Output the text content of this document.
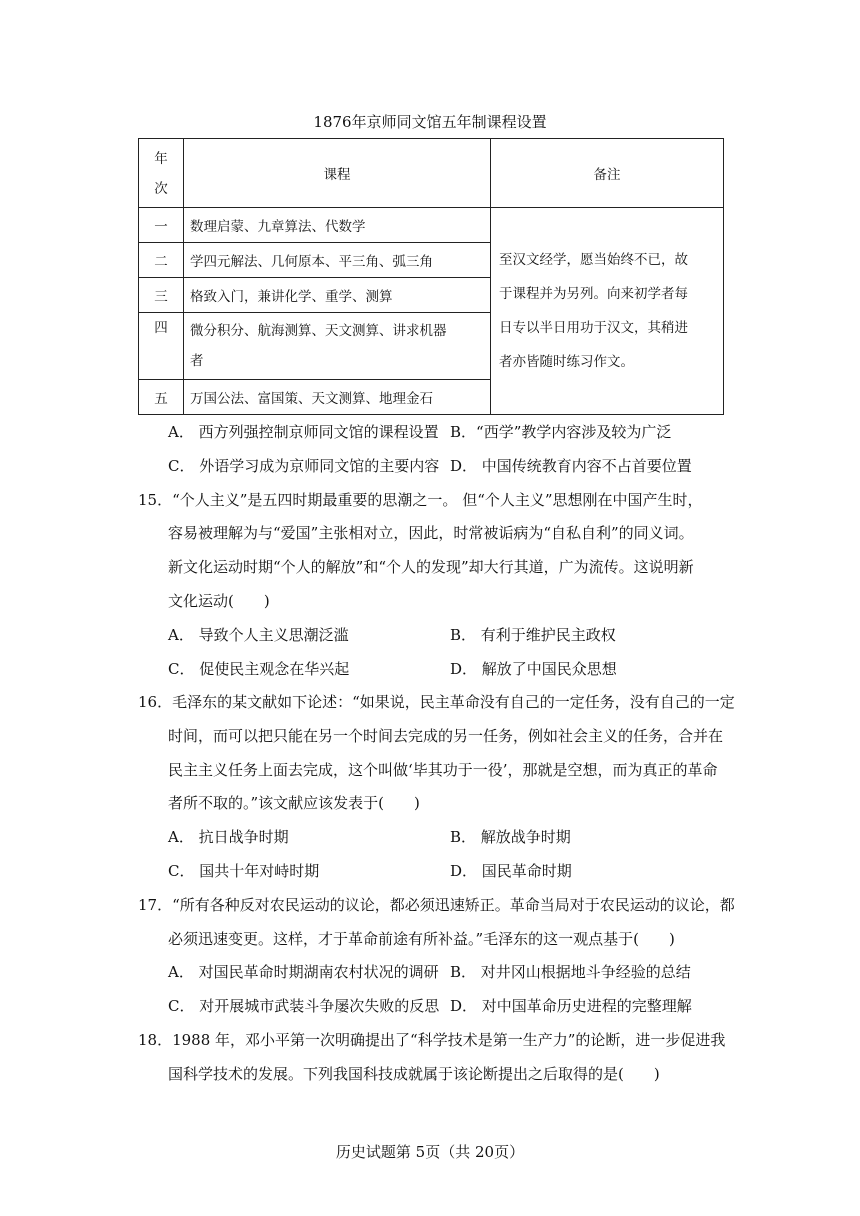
1876年京师同文馆五年制课程设置
年
次	课程	备注
一	数理启蒙、九章算法、代数学	至汉文经学，愿当始终不已，故
于课程并为另列。向来初学者每
日专以半日用功于汉文，其稍进
者亦皆随时练习作文。

二	学四元解法、几何原本、平三角、弧三角	
三	格致入门，兼讲化学、重学、测算	
四	微分积分、航海测算、天文测算、讲求机器
者	

五	万国公法、富国策、天文测算、地理金石	
A． 西方列强控制京师同文馆的课程设置 B．“西学”教学内容涉及较为广泛
C． 外语学习成为京师同文馆的主要内容 D． 中国传统教育内容不占首要位置
15．“个人主义”是五四时期最重要的思潮之一。 但“个人主义”思想刚在中国产生时，
容易被理解为与“爱国”主张相对立，因此，时常被诟病为“自私自利”的同义词。
新文化运动时期“个人的解放”和“个人的发现”却大行其道，广为流传。这说明新
文化运动(　　)
A． 导致个人主义思潮泛滥	B． 有利于维护民主政权
C． 促使民主观念在华兴起	D． 解放了中国民众思想
16．毛泽东的某文献如下论述：“如果说，民主革命没有自己的一定任务，没有自己的一定
时间，而可以把只能在另一个时间去完成的另一任务，例如社会主义的任务，合并在
民主主义任务上面去完成，这个叫做‘毕其功于一役’，那就是空想，而为真正的革命
者所不取的。”该文献应该发表于(　　)
A． 抗日战争时期	B． 解放战争时期
C． 国共十年对峙时期	D． 国民革命时期
17．“所有各种反对农民运动的议论，都必须迅速矫正。革命当局对于农民运动的议论，都
必须迅速变更。这样，才于革命前途有所补益。”毛泽东的这一观点基于(　　)
A． 对国民革命时期湖南农村状况的调研 B． 对井冈山根据地斗争经验的总结
C． 对开展城市武装斗争屡次失败的反思 D． 对中国革命历史进程的完整理解
18．1988 年，邓小平第一次明确提出了“科学技术是第一生产力”的论断，进一步促进我
国科学技术的发展。下列我国科技成就属于该论断提出之后取得的是(　　)
历史试题第 5页（共 20页）
